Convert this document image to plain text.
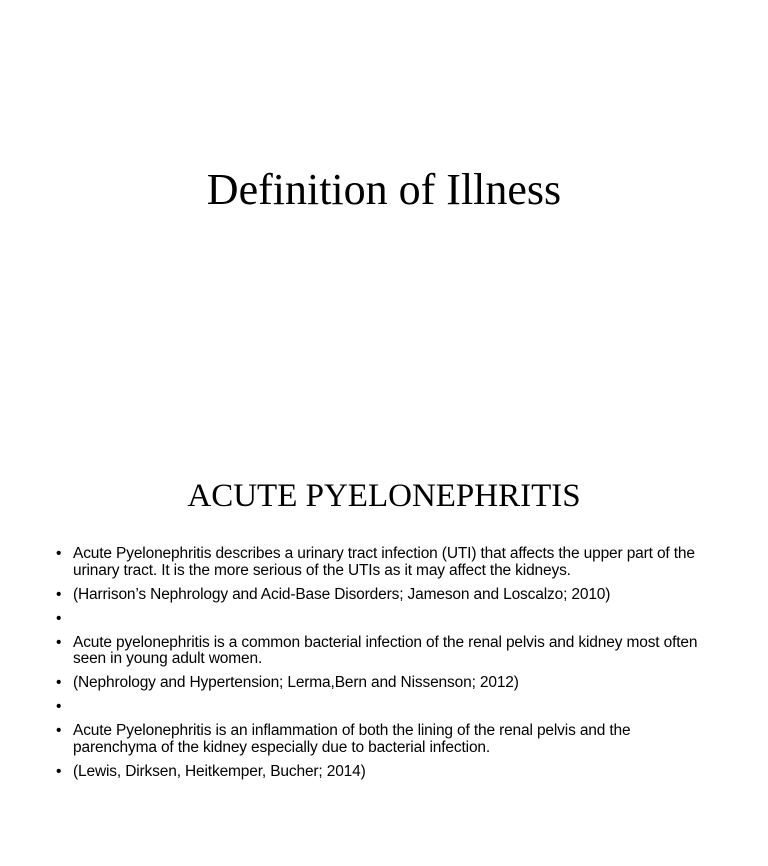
Definition of Illness
ACUTE PYELONEPHRITIS
• Acute Pyelonephritis describes a urinary tract infection (UTI) that affects the upper part of the urinary tract. It is the more serious of the UTIs as it may affect the kidneys.
• (Harrison’s Nephrology and Acid-Base Disorders; Jameson and Loscalzo; 2010)
•
• Acute pyelonephritis is a common bacterial infection of the renal pelvis and kidney most often seen in young adult women.
• (Nephrology and Hypertension; Lerma,Bern and Nissenson; 2012)
•
• Acute Pyelonephritis is an inflammation of both the lining of the renal pelvis and the parenchyma of the kidney especially due to bacterial infection.
• (Lewis, Dirksen, Heitkemper, Bucher; 2014)
